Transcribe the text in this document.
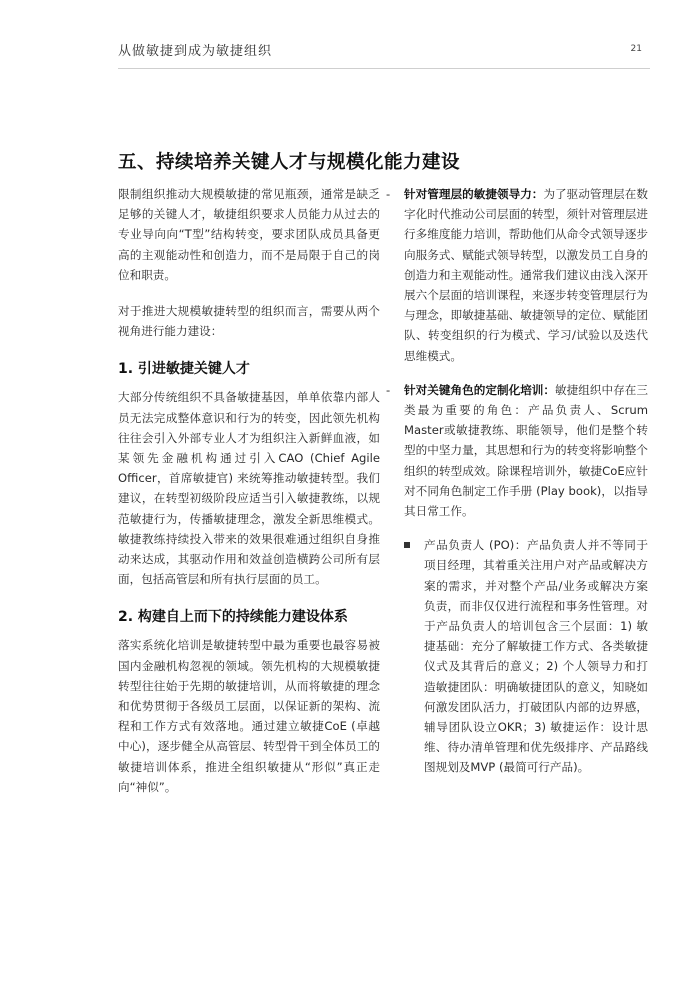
从做敏捷到成为敏捷组织	21
五、持续培养关键人才与规模化能力建设

限制组织推动大规模敏捷的常见瓶颈，通常是缺乏足够的关键人才，敏捷组织要求人员能力从过去的专业导向向“T型”结构转变，要求团队成员具备更高的主观能动性和创造力，而不是局限于自己的岗位和职责。

对于推进大规模敏捷转型的组织而言，需要从两个视角进行能力建设：

1. 引进敏捷关键人才

大部分传统组织不具备敏捷基因，单单依靠内部人员无法完成整体意识和行为的转变，因此领先机构往往会引入外部专业人才为组织注入新鲜血液，如某领先金融机构通过引入CAO (Chief Agile Officer，首席敏捷官) 来统筹推动敏捷转型。我们建议，在转型初级阶段应适当引入敏捷教练，以规范敏捷行为，传播敏捷理念，激发全新思维模式。敏捷教练持续投入带来的效果很难通过组织自身推动来达成，其驱动作用和效益创造横跨公司所有层面，包括高管层和所有执行层面的员工。

2. 构建自上而下的持续能力建设体系

落实系统化培训是敏捷转型中最为重要也最容易被国内金融机构忽视的领域。领先机构的大规模敏捷转型往往始于先期的敏捷培训，从而将敏捷的理念和优势贯彻于各级员工层面，以保证新的架构、流程和工作方式有效落地。通过建立敏捷CoE (卓越中心)，逐步健全从高管层、转型骨干到全体员工的敏捷培训体系，推进全组织敏捷从“形似”真正走向“神似”。

-	针对管理层的敏捷领导力：为了驱动管理层在数字化时代推动公司层面的转型，须针对管理层进行多维度能力培训，帮助他们从命令式领导逐步向服务式、赋能式领导转型，以激发员工自身的创造力和主观能动性。通常我们建议由浅入深开展六个层面的培训课程，来逐步转变管理层行为与理念，即敏捷基础、敏捷领导的定位、赋能团队、转变组织的行为模式、学习/试验以及迭代思维模式。
-	针对关键角色的定制化培训：敏捷组织中存在三类最为重要的角色：产品负责人、Scrum Master或敏捷教练、职能领导，他们是整个转型的中坚力量，其思想和行为的转变将影响整个组织的转型成效。除课程培训外，敏捷CoE应针对不同角色制定工作手册 (Play book)，以指导其日常工作。
产品负责人 (PO)：产品负责人并不等同于项目经理，其着重关注用户对产品或解决方案的需求，并对整个产品/业务或解决方案负责，而非仅仅进行流程和事务性管理。对于产品负责人的培训包含三个层面：1) 敏捷基础：充分了解敏捷工作方式、各类敏捷仪式及其背后的意义；2) 个人领导力和打造敏捷团队：明确敏捷团队的意义，知晓如何激发团队活力，打破团队内部的边界感，辅导团队设立OKR；3) 敏捷运作：设计思维、待办清单管理和优先级排序、产品路线图规划及MVP (最简可行产品)。
